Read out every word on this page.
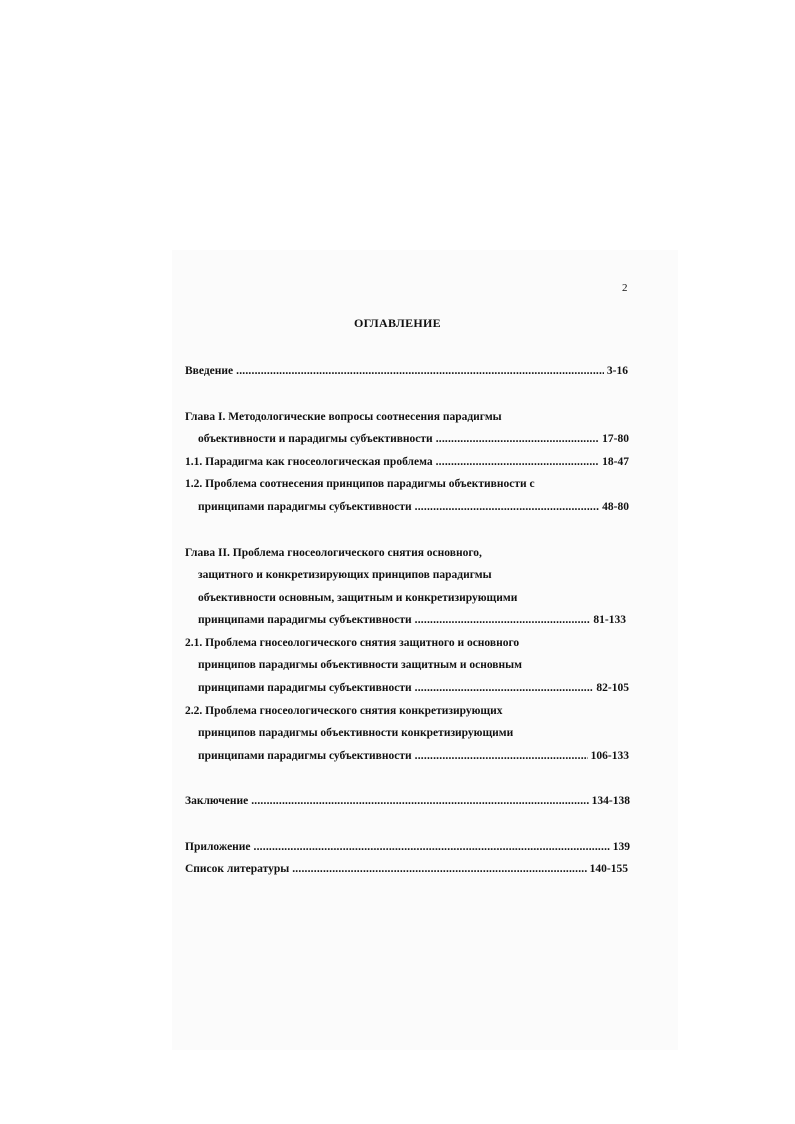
2
ОГЛАВЛЕНИЕ
Введение .....	3-16
Глава I. Методологические вопросы соотнесения парадигмы
объективности и парадигмы субъективности .....	17-80
1.1. Парадигма как гносеологическая проблема .....	18-47
1.2. Проблема соотнесения принципов парадигмы объективности с
принципами парадигмы субъективности .....	48-80
Глава II. Проблема гносеологического снятия основного,
защитного и конкретизирующих принципов парадигмы
объективности основным, защитным и конкретизирующими
принципами парадигмы субъективности .....	81-133
2.1. Проблема гносеологического снятия защитного и основного
принципов парадигмы объективности защитным и основным
принципами парадигмы субъективности .....	82-105
2.2. Проблема гносеологического снятия конкретизирующих
принципов парадигмы объективности конкретизирующими
принципами парадигмы субъективности .....	106-133
Заключение .....	134-138
Приложение .....	139
Список литературы .....	140-155
